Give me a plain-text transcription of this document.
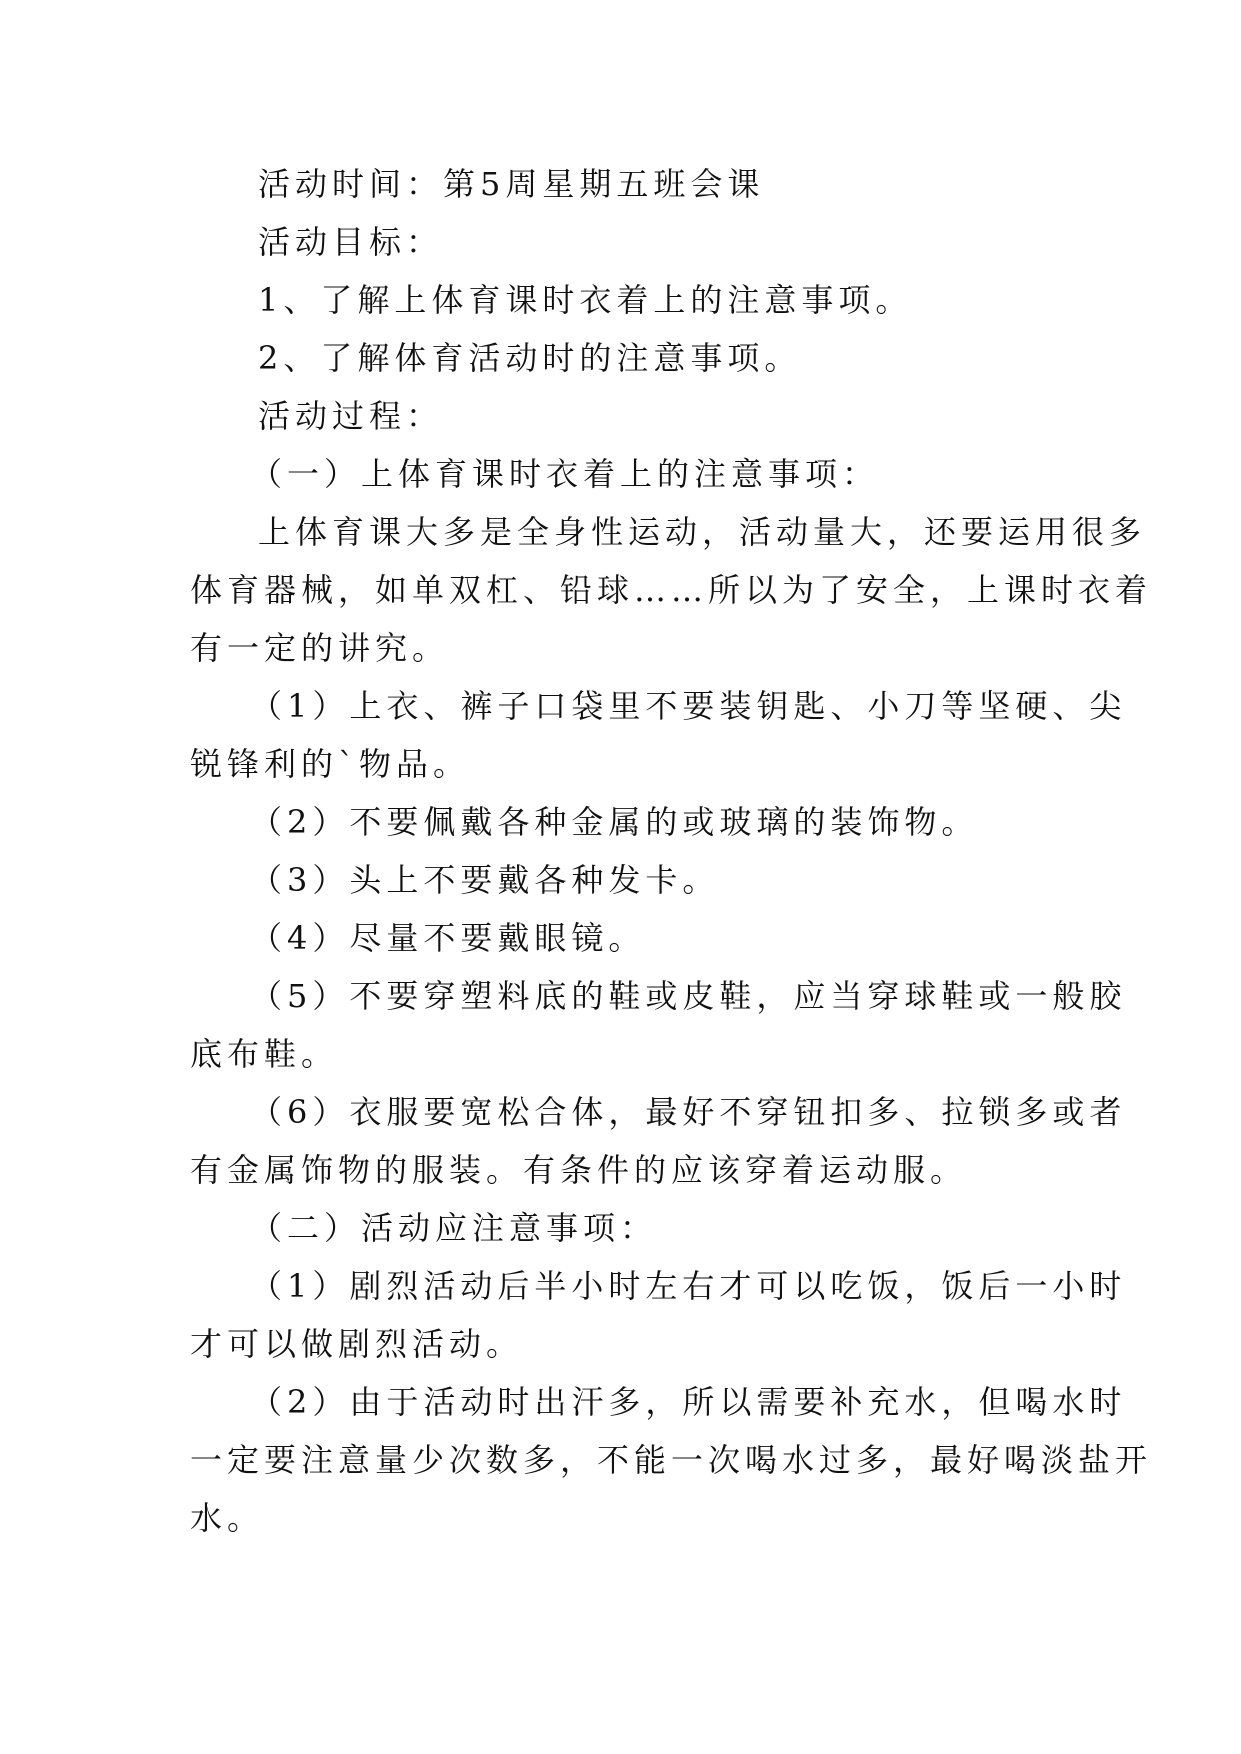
活动时间：第5周星期五班会课

活动目标：

1、了解上体育课时衣着上的注意事项。

2、了解体育活动时的注意事项。

活动过程：

（一）上体育课时衣着上的注意事项：

上体育课大多是全身性运动，活动量大，还要运用很多

体育器械，如单双杠、铅球……所以为了安全，上课时衣着

有一定的讲究。

（1）上衣、裤子口袋里不要装钥匙、小刀等坚硬、尖

锐锋利的`物品。

（2）不要佩戴各种金属的或玻璃的装饰物。

（3）头上不要戴各种发卡。

（4）尽量不要戴眼镜。

（5）不要穿塑料底的鞋或皮鞋，应当穿球鞋或一般胶

底布鞋。

（6）衣服要宽松合体，最好不穿钮扣多、拉锁多或者

有金属饰物的服装。有条件的应该穿着运动服。

（二）活动应注意事项：

（1）剧烈活动后半小时左右才可以吃饭，饭后一小时

才可以做剧烈活动。

（2）由于活动时出汗多，所以需要补充水，但喝水时

一定要注意量少次数多，不能一次喝水过多，最好喝淡盐开

水。
